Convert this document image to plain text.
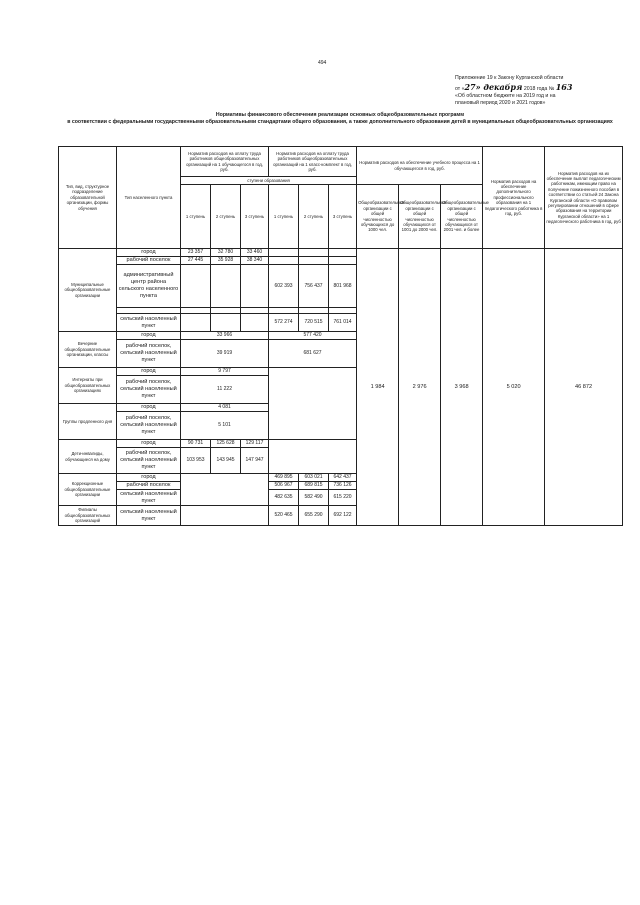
494
Приложение 19 к Закону Курганской области
от «27» декабря 2018 года № 163
«Об областном бюджете на 2019 год и на
плановый период 2020 и 2021 годов»
Нормативы финансового обеспечения реализации основных общеобразовательных программ
в соответствии с федеральными государственными образовательными стандартами общего образования, а также дополнительного образования детей в муниципальных общеобразовательных организациях
Тип, вид, структурное подразделение образовательной организации, формы обучения	Тип населенного пункта	Норматив расходов на оплату труда работников общеобразовательных организаций на 1 обучающегося в год, руб.			Норматив расходов на оплату труда работников общеобразовательных организаций на 1 класс-комплект в год, руб.			Норматив расходов на обеспечение учебного процесса на 1 обучающегося в год, руб.			Норматив расходов на обеспечение дополнительного профессионального образования на 1 педагогического работника в год, руб.	Норматив расходов на их обеспечение выплат педагогическим работникам, имеющим право на получение пожизненного пособия в соответствии со статьей 24 Закона Курганской области «О правовом регулировании отношений в сфере образования на территории Курганской области» на 1 педагогического работника в год, руб
		ступени образования										
		1 ступень	2 ступень	3 ступень	1 ступень	2 ступень	3 ступень	Общеобразовательные организации с общей численностью обучающихся до 1000 чел.	Общеобразовательные организации с общей численностью обучающихся от 1001 до 2000 чел.	Общеобразовательные организации с общей численностью обучающихся от 2001 чел. и более		
Муниципальные общеобразовательные организации	город	23 357	32 780	33 460				1 984	2 976	3 968	5 020	46 872
	рабочий поселок	27 445	35 928	38 340								
	административный центр района сельского населенного пункта				602 393	756 437	801 968					

	сельский населенный пункт				572 274	720 515	761 014					
Вечерние общеобразовательные организации, классы	город	33 966			577 420							
	рабочий поселок, сельский населенный пункт	39 919			681 627							
Интернаты при общеобразовательных организациях	город	9 797										
	рабочий поселок, сельский населенный пункт	11 222										
Группы продленного дня	город	4 081										
	рабочий поселок, сельский населенный пункт	5 101										
Дети-инвалиды, обучающиеся на дому	город	90 731	125 628	129 117								
	рабочий поселок, сельский населенный пункт	103 953	143 945	147 947								
Коррекционные общеобразовательные организации	город				469 895	603 021	642 437					
	рабочий поселок				506 967	689 815	736 126					
	сельский населенный пункт				482 635	582 490	615 220					
Филиалы общеобразовательных организаций	сельский населенный пункт				520 465	655 290	692 122					
